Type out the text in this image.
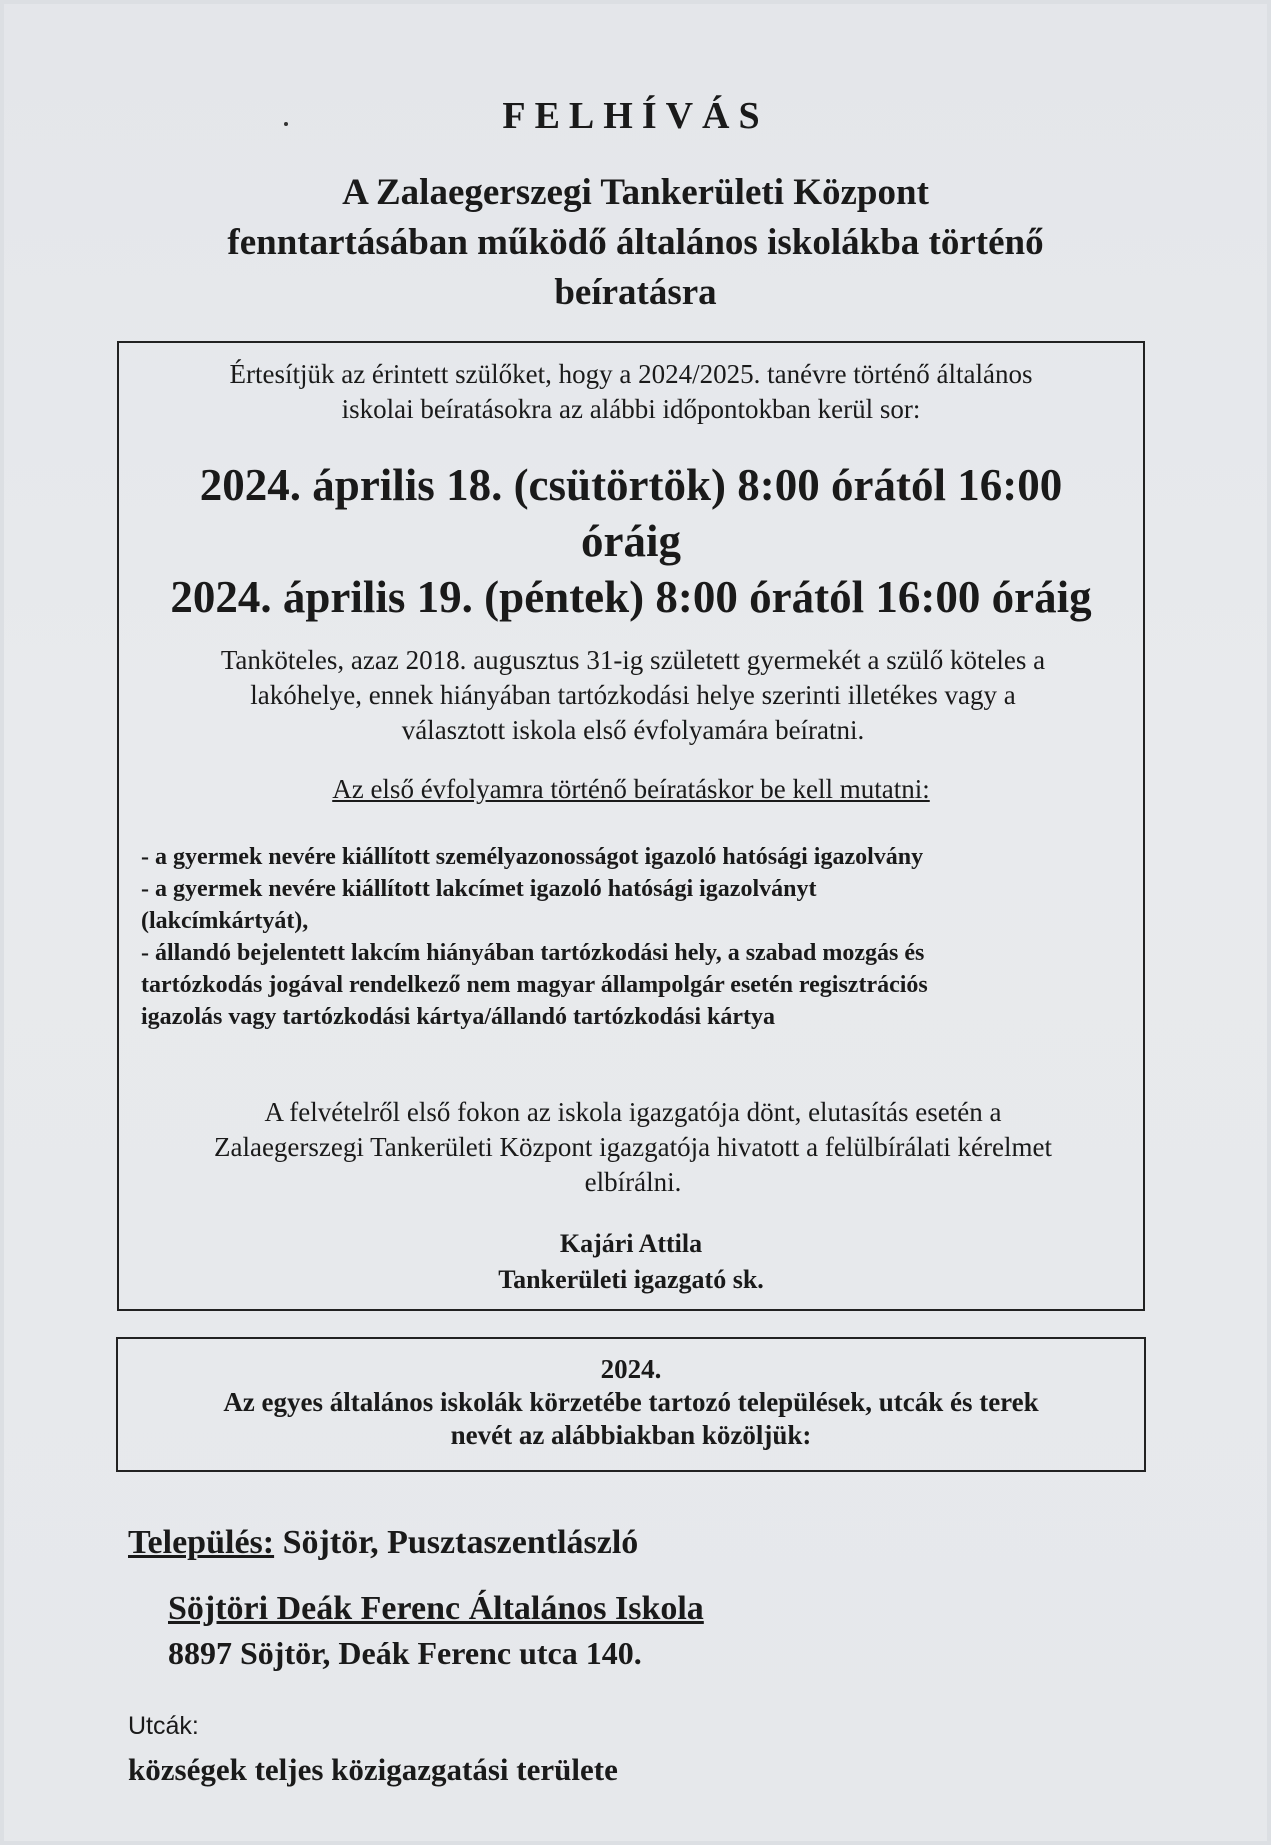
FELHÍVÁS
A Zalaegerszegi Tankerületi Központ
fenntartásában működő általános iskolákba történő
beíratásra
Értesítjük az érintett szülőket, hogy a 2024/2025. tanévre történő általános
iskolai beíratásokra az alábbi időpontokban kerül sor:
2024. április 18. (csütörtök) 8:00 órától 16:00
óráig
2024. április 19. (péntek) 8:00 órától 16:00 óráig
Tanköteles, azaz 2018. augusztus 31-ig született gyermekét a szülő köteles a
lakóhelye, ennek hiányában tartózkodási helye szerinti illetékes vagy a
választott iskola első évfolyamára beíratni.
Az első évfolyamra történő beíratáskor be kell mutatni:
- a gyermek nevére kiállított személyazonosságot igazoló hatósági igazolvány
- a gyermek nevére kiállított lakcímet igazoló hatósági igazolványt
(lakcímkártyát),
- állandó bejelentett lakcím hiányában tartózkodási hely, a szabad mozgás és
tartózkodás jogával rendelkező nem magyar állampolgár esetén regisztrációs
igazolás vagy tartózkodási kártya/állandó tartózkodási kártya
A felvételről első fokon az iskola igazgatója dönt, elutasítás esetén a
Zalaegerszegi Tankerületi Központ igazgatója hivatott a felülbírálati kérelmet
elbírálni.
Kajári Attila
Tankerületi igazgató sk.
2024.
Az egyes általános iskolák körzetébe tartozó települések, utcák és terek
nevét az alábbiakban közöljük:
Település: Söjtör, Pusztaszentlászló
Söjtöri Deák Ferenc Általános Iskola
8897 Söjtör, Deák Ferenc utca 140.
Utcák:
községek teljes közigazgatási területe
